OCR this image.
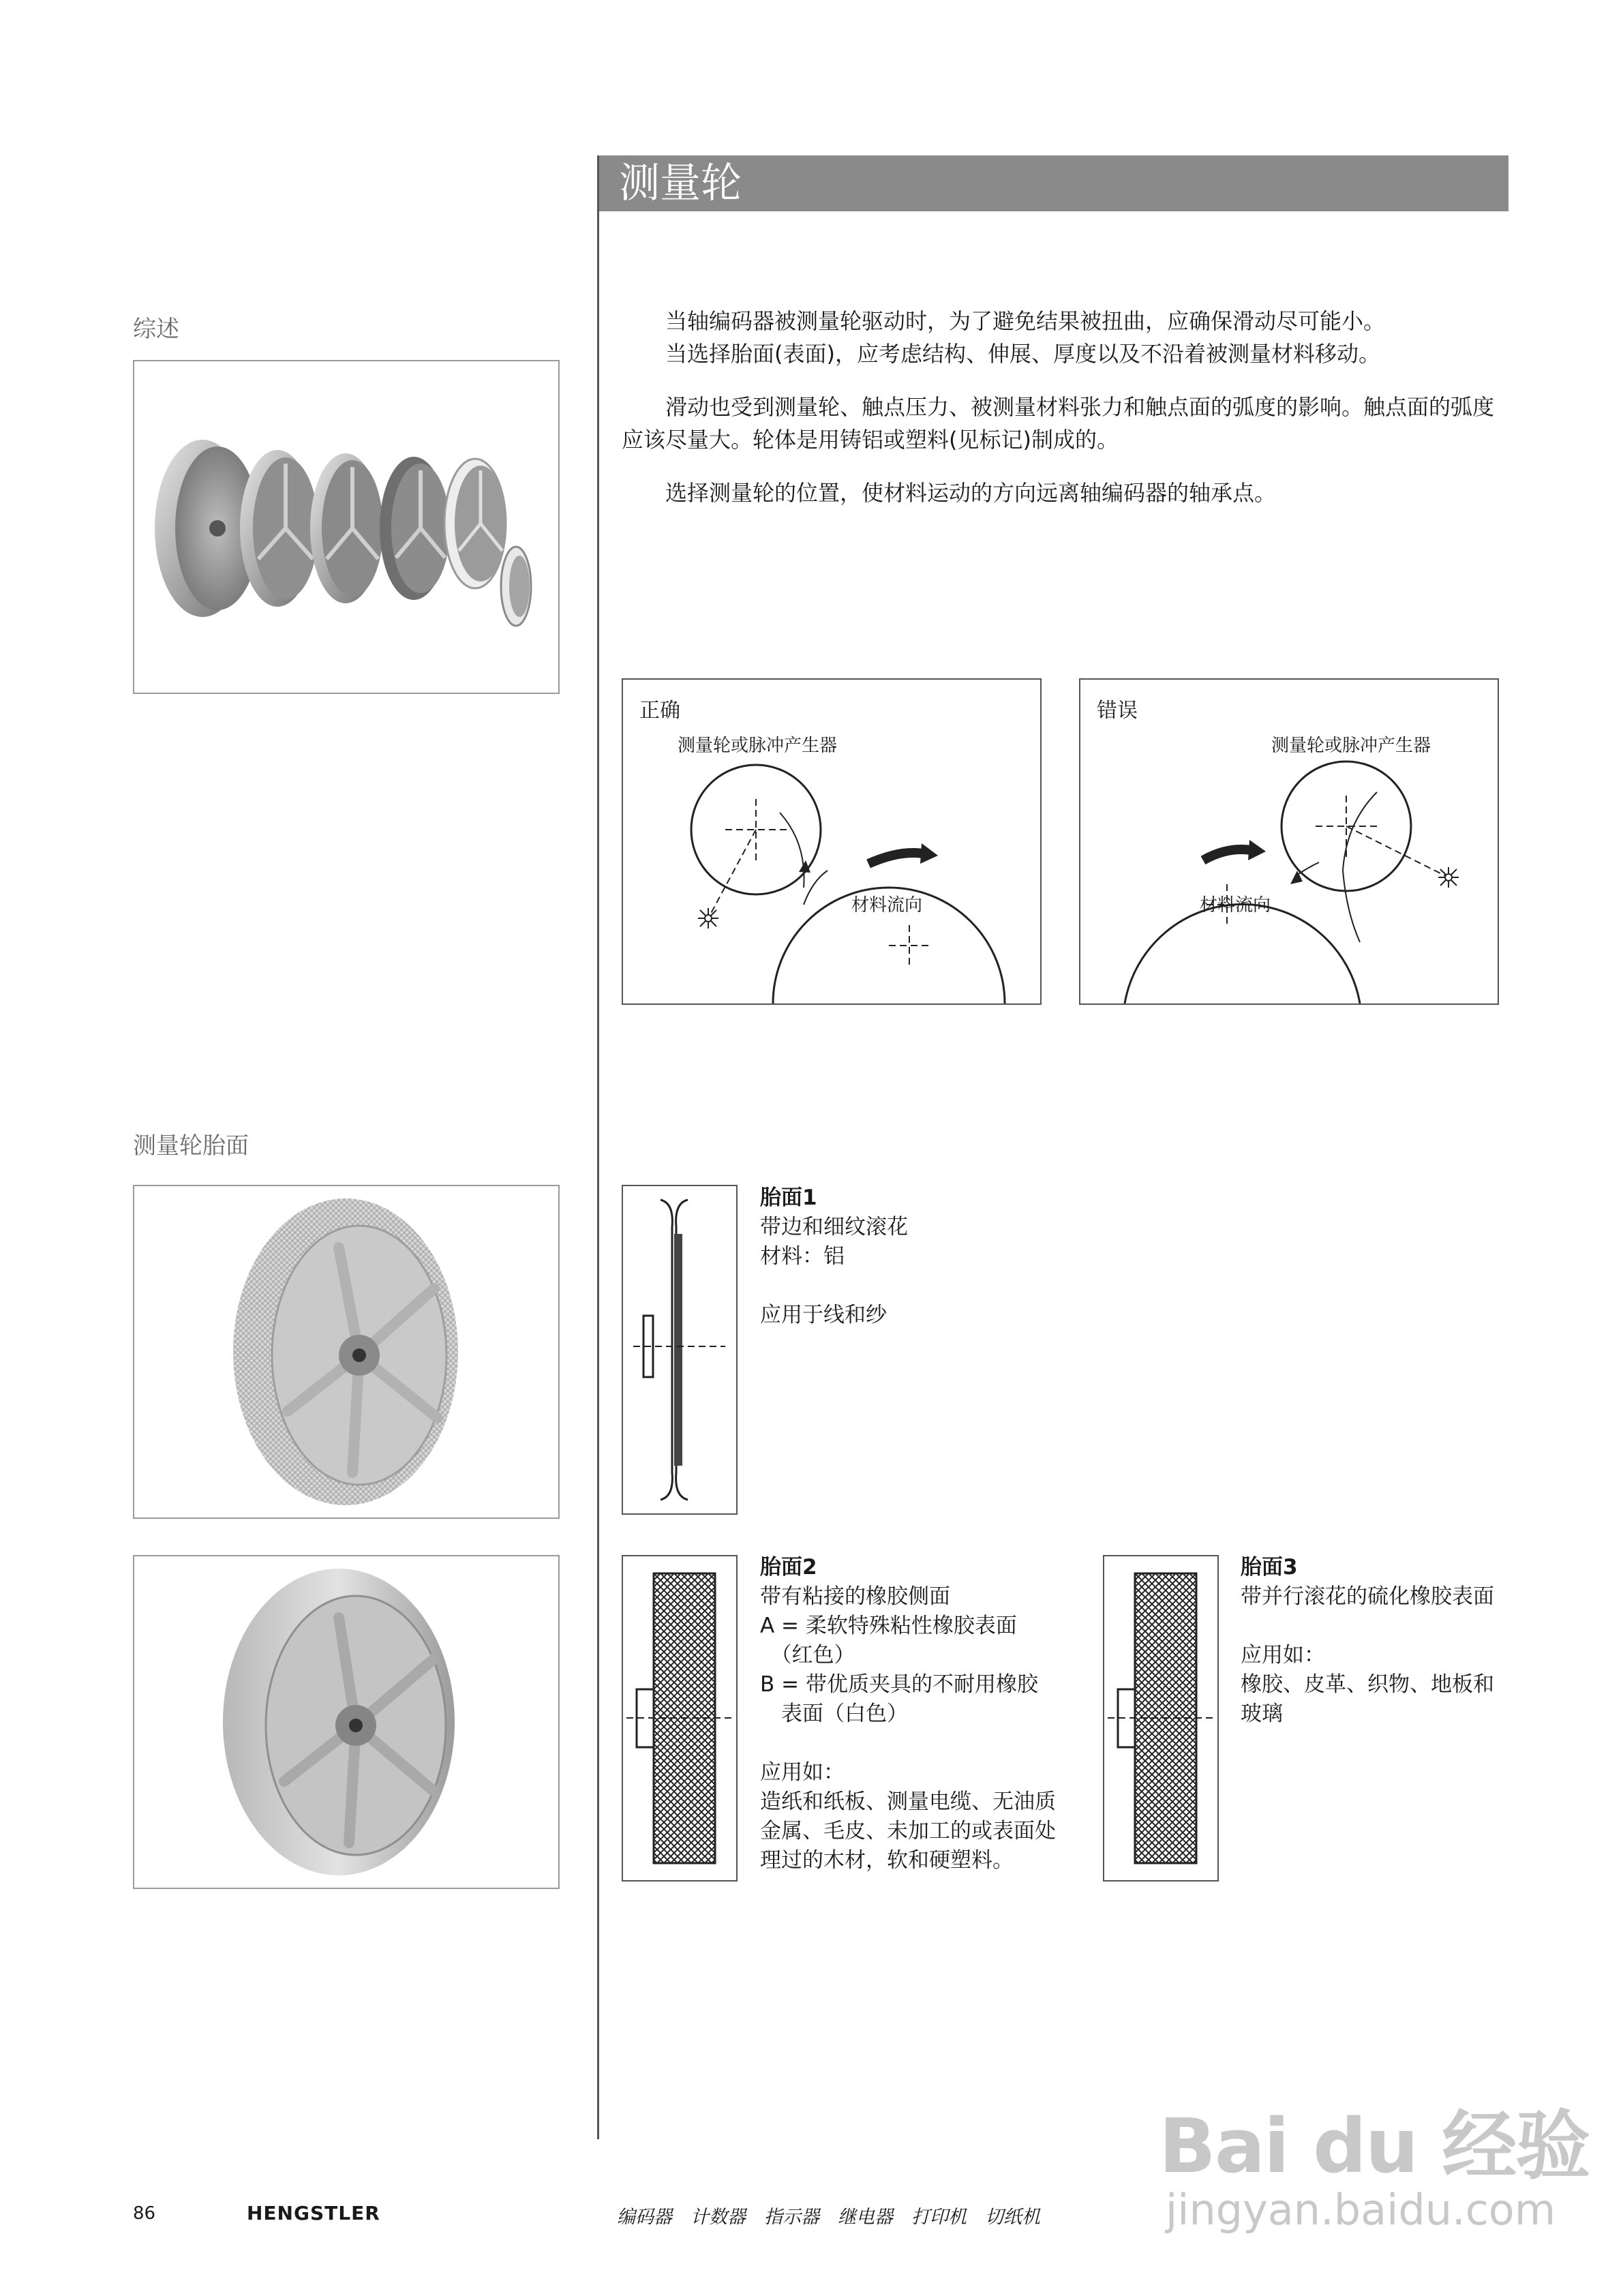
测量轮
综述
测量轮胎面

当轴编码器被测量轮驱动时，为了避免结果被扭曲，应确保滑动尽可能小。

当选择胎面(表面)，应考虑结构、伸展、厚度以及不沿着被测量材料移动。

滑动也受到测量轮、触点压力、被测量材料张力和触点面的弧度的影响。触点面的弧度应该尽量大。轮体是用铸铝或塑料(见标记)制成的。

选择测量轮的位置，使材料运动的方向远离轴编码器的轴承点。

正确
测量轮或脉冲产生器
材料流向
错误
测量轮或脉冲产生器
材料流向
胎面1
带边和细纹滚花
材料：铝
应用于线和纱
胎面2
带有粘接的橡胶侧面
A = 柔软特殊粘性橡胶表面
　（红色）
B = 带优质夹具的不耐用橡胶
　表面（白色）
应用如：
造纸和纸板、测量电缆、无油质
金属、毛皮、未加工的或表面处
理过的木材，软和硬塑料。
胎面3
带并行滚花的硫化橡胶表面
应用如：
橡胶、皮革、织物、地板和
玻璃
86	HENGSTLER	编码器　计数器　指示器　继电器　打印机　切纸机
Bai du 经验
jingyan.baidu.com
